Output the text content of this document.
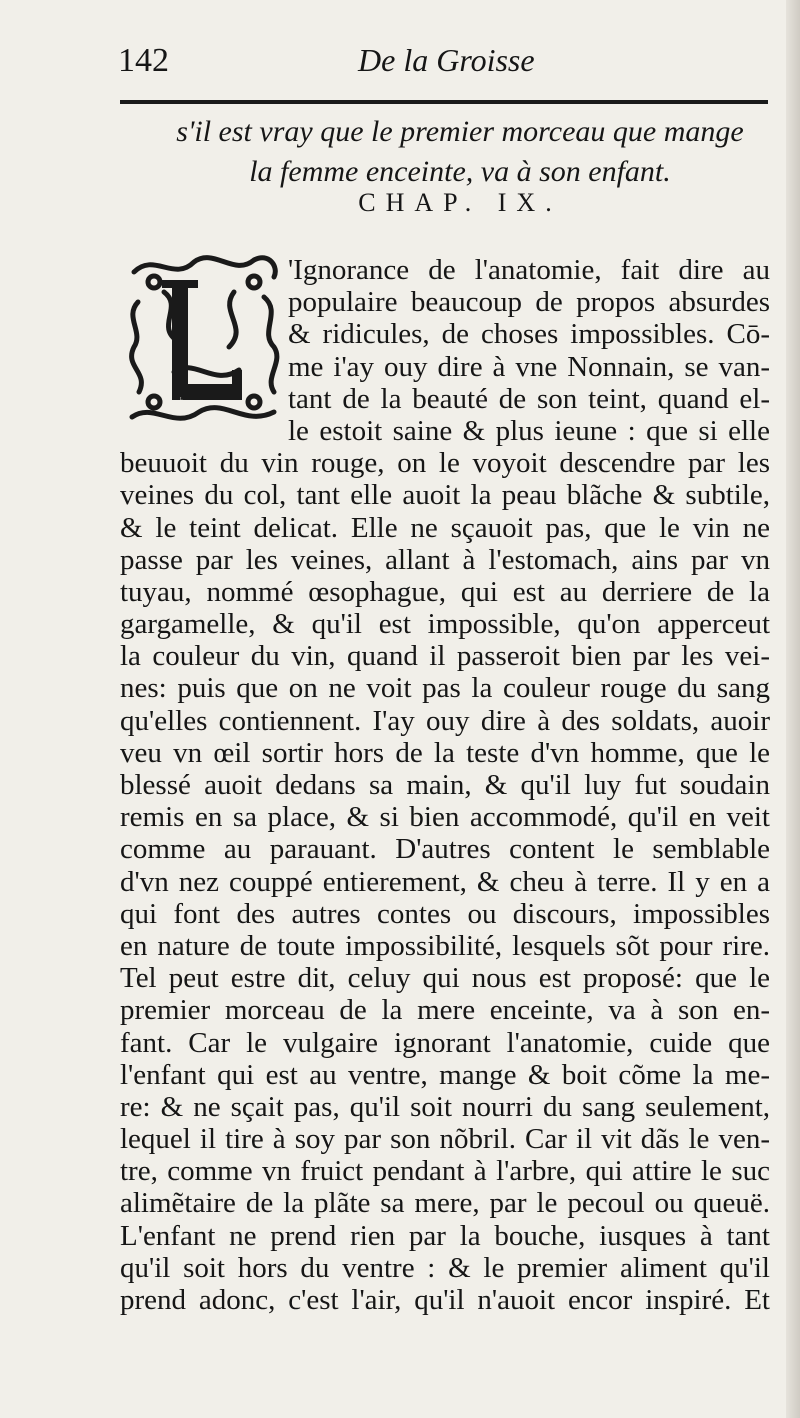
142	De la Groisse
s'il est vray que le premier morceau que mange
la femme enceinte, va à son enfant.
CHAP. IX.
L
'Ignorance de l'anatomie, fait dire au
populaire beaucoup de propos absurdes
& ridicules, de choses impossibles. Cō-
me i'ay ouy dire à vne Nonnain, se van-
tant de la beauté de son teint, quand el-
le estoit saine & plus ieune : que si elle
beuuoit du vin rouge, on le voyoit descendre par les
veines du col, tant elle auoit la peau blãche & subtile,
& le teint delicat. Elle ne sçauoit pas, que le vin ne
passe par les veines, allant à l'estomach, ains par vn
tuyau, nommé œsophague, qui est au derriere de la
gargamelle, & qu'il est impossible, qu'on apperceut
la couleur du vin, quand il passeroit bien par les vei-
nes: puis que on ne voit pas la couleur rouge du sang
qu'elles contiennent. I'ay ouy dire à des soldats, auoir
veu vn œil sortir hors de la teste d'vn homme, que le
blessé auoit dedans sa main, & qu'il luy fut soudain
remis en sa place, & si bien accommodé, qu'il en veit
comme au parauant. D'autres content le semblable
d'vn nez couppé entierement, & cheu à terre. Il y en a
qui font des autres contes ou discours, impossibles
en nature de toute impossibilité, lesquels sõt pour rire.
Tel peut estre dit, celuy qui nous est proposé: que le
premier morceau de la mere enceinte, va à son en-
fant. Car le vulgaire ignorant l'anatomie, cuide que
l'enfant qui est au ventre, mange & boit cõme la me-
re: & ne sçait pas, qu'il soit nourri du sang seulement,
lequel il tire à soy par son nõbril. Car il vit dãs le ven-
tre, comme vn fruict pendant à l'arbre, qui attire le suc
alimẽtaire de la plãte sa mere, par le pecoul ou queuë.
L'enfant ne prend rien par la bouche, iusques à tant
qu'il soit hors du ventre : & le premier aliment qu'il
prend adonc, c'est l'air, qu'il n'auoit encor inspiré. Et
